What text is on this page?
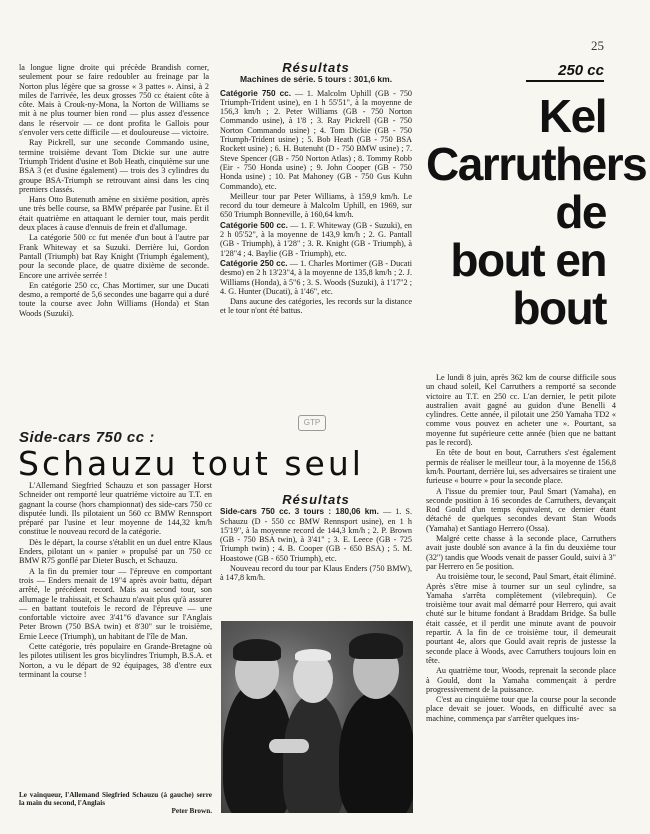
25

la longue ligne droite qui précède Brandish corner, seulement pour se faire redoubler au freinage par la Norton plus légère que sa grosse « 3 pattes ». Ainsi, à 2 miles de l'arrivée, les deux grosses 750 cc étaient côte à côte. Mais à Crouk-ny-Mona, la Norton de Williams se mit à ne plus tourner bien rond — plus assez d'essence dans le réservoir — ce dont profita le Gallois pour s'envoler vers cette difficile — et douloureuse — victoire.

Ray Pickrell, sur une seconde Commando usine, termine troisième devant Tom Dickie sur une autre Triumph Trident d'usine et Bob Heath, cinquième sur une BSA 3 (et d'usine également) — trois des 3 cylindres du groupe BSA-Triumph se retrouvant ainsi dans les cinq premiers classés.

Hans Otto Butenuth amène en sixième position, après une très belle course, sa BMW préparée par l'usine. Et il était quatrième en attaquant le dernier tour, mais perdit deux places à cause d'ennuis de frein et d'allumage.

La catégorie 500 cc fut menée d'un bout à l'autre par Frank Whiteway et sa Suzuki. Derrière lui, Gordon Pantall (Triumph) bat Ray Knight (Triumph également), pour la seconde place, de quatre dixième de seconde. Encore une arrivée serrée !

En catégorie 250 cc, Chas Mortimer, sur une Ducati desmo, a remporté de 5,6 secondes une bagarre qui a duré toute la course avec John Williams (Honda) et Stan Woods (Suzuki).

Résultats
Machines de série. 5 tours : 301,6 km.

Catégorie 750 cc. — 1. Malcolm Uphill (GB - 750 Triumph-Trident usine), en 1 h 55'51", à la moyenne de 156,3 km/h ; 2. Peter Williams (GB - 750 Norton Commando usine), à 1'8 ; 3. Ray Pickrell (GB - 750 Norton Commando usine) ; 4. Tom Dickie (GB - 750 Triumph-Trident usine) ; 5. Bob Heath (GB - 750 BSA Rockett usine) ; 6. H. Butenuht (D - 750 BMW usine) ; 7. Steve Spencer (GB - 750 Norton Atlas) ; 8. Tommy Robb (Eir - 750 Honda usine) ; 9. John Cooper (GB - 750 Honda usine) ; 10. Pat Mahoney (GB - 750 Gus Kuhn Commando), etc.

Meilleur tour par Peter Williams, à 159,9 km/h. Le record du tour demeure à Malcolm Uphill, en 1969, sur 650 Triumph Bonneville, à 160,64 km/h.

Catégorie 500 cc. — 1. F. Whiteway (GB - Suzuki), en 2 h 05'52", à la moyenne de 143,9 km/h ; 2. G. Pantall (GB - Triumph), à 1'28" ; 3. R. Knight (GB - Triumph), à 1'28"4 ; 4. Baylie (GB - Triumph), etc.

Catégorie 250 cc. — 1. Charles Mortimer (GB - Ducati desmo) en 2 h 13'23"4, à la moyenne de 135,8 km/h ; 2. J. Williams (Honda), à 5"6 ; 3. S. Woods (Suzuki), à 1'17"2 ; 4. G. Hunter (Ducati), à 1'46", etc.

Dans aucune des catégories, les records sur la distance et le tour n'ont été battus.

GTP
250 cc
Kel
Carruthers
de
bout en
bout

Le lundi 8 juin, après 362 km de course difficile sous un chaud soleil, Kel Carruthers a remporté sa seconde victoire au T.T. en 250 cc. L'an dernier, le petit pilote australien avait gagné au guidon d'une Benelli 4 cylindres. Cette année, il pilotait une 250 Yamaha TD2 « comme vous pouvez en acheter une ». Pourtant, sa moyenne fut supérieure cette année (bien que ne battant pas le record).

En tête de bout en bout, Carruthers s'est également permis de réaliser le meilleur tour, à la moyenne de 156,8 km/h. Pourtant, derrière lui, ses adversaires se tiraient une furieuse « bourre » pour la seconde place.

A l'issue du premier tour, Paul Smart (Yamaha), en seconde position à 16 secondes de Carruthers, devançait Rod Gould d'un temps équivalent, ce dernier étant détaché de quelques secondes devant Stan Woods (Yamaha) et Santiago Herrero (Ossa).

Malgré cette chasse à la seconde place, Carruthers avait juste doublé son avance à la fin du deuxième tour (32") tandis que Woods venait de passer Gould, suivi à 3" par Herrero en 5e position.

Au troisième tour, le second, Paul Smart, était éliminé. Après s'être mise à tourner sur un seul cylindre, sa Yamaha s'arrêta complètement (vilebrequin). Ce troisième tour avait mal démarré pour Herrero, qui avait chuté sur le bitume fondant à Braddam Bridge. Sa bulle était cassée, et il perdit une minute avant de pouvoir repartir. A la fin de ce troisième tour, il demeurait pourtant 4e, alors que Gould avait repris de justesse la seconde place à Woods, avec Carruthers toujours loin en tête.

Au quatrième tour, Woods, reprenait la seconde place à Gould, dont la Yamaha commençait à perdre progressivement de la puissance.

C'est au cinquième tour que la course pour la seconde place devait se jouer. Woods, en difficulté avec sa machine, commença par s'arrêter quelques ins-

Side-cars 750 cc :
Schauzu tout seul

L'Allemand Siegfried Schauzu et son passager Horst Schneider ont remporté leur quatrième victoire au T.T. en gagnant la course (hors championnat) des side-cars 750 cc disputée lundi. Ils pilotaient un 560 cc BMW Rennsport préparé par l'usine et leur moyenne de 144,32 km/h constitue le nouveau record de la catégorie.

Dès le départ, la course s'établit en un duel entre Klaus Enders, pilotant un « panier » propulsé par un 750 cc BMW R75 gonflé par Dieter Busch, et Schauzu.

A la fin du premier tour — l'épreuve en comportant trois — Enders menait de 19"4 après avoir battu, départ arrêté, le précédent record. Mais au second tour, son allumage le trahissait, et Schauzu n'avait plus qu'à assurer — en battant toutefois le record de l'épreuve — une confortable victoire avec 3'41"6 d'avance sur l'Anglais Peter Brown (750 BSA twin) et 8'30" sur le troisième, Ernie Leece (Triumph), un habitant de l'île de Man.

Cette catégorie, très populaire en Grande-Bretagne où les pilotes utilisent les gros bicylindres Triumph, B.S.A. et Norton, a vu le départ de 92 équipages, 38 d'entre eux terminant la course !

Résultats

Side-cars 750 cc. 3 tours : 180,06 km. — 1. S. Schauzu (D - 550 cc BMW Rennsport usine), en 1 h 15'19", à la moyenne record de 144,3 km/h ; 2. P. Brown (GB - 750 BSA twin), à 3'41" ; 3. E. Leece (GB - 725 Triumph twin) ; 4. B. Cooper (GB - 650 BSA) ; 5. M. Hoastowe (GB - 650 Triumph), etc.

Nouveau record du tour par Klaus Enders (750 BMW), à 147,8 km/h.

Le vainqueur, l'Allemand Siegfried Schauzu (à gauche) serre la main du second, l'Anglais

Peter Brown.
